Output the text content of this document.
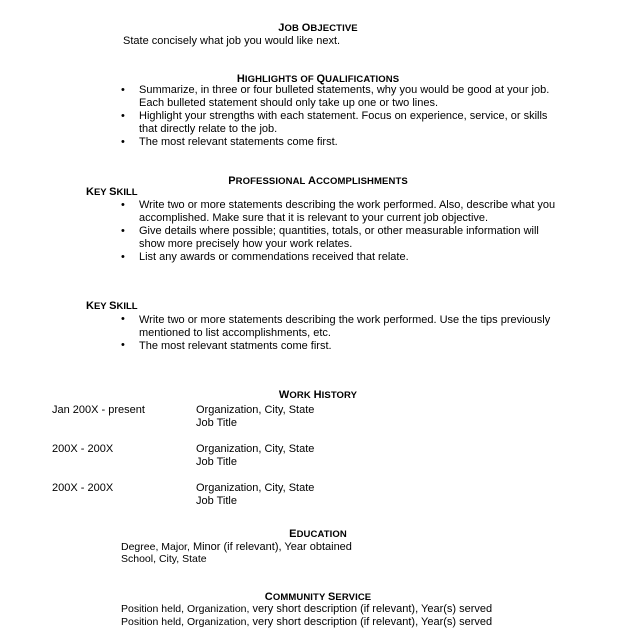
JOB OBJECTIVE
State concisely what job you would like next.
HIGHLIGHTS OF QUALIFICATIONS
•	Summarize, in three or four bulleted statements, why you would be good at your job.
Each bulleted statement should only take up one or two lines.
•	Highlight your strengths with each statement. Focus on experience, service, or skills
that directly relate to the job.
•	The most relevant statements come first.
PROFESSIONAL ACCOMPLISHMENTS
KEY SKILL
•	Write two or more statements describing the work performed. Also, describe what you
accomplished. Make sure that it is relevant to your current job objective.
•	Give details where possible; quantities, totals, or other measurable information will
show more precisely how your work relates.
•	List any awards or commendations received that relate.
KEY SKILL
•	Write two or more statements describing the work performed. Use the tips previously
mentioned to list accomplishments, etc.
•	The most relevant statments come first.
WORK HISTORY
Jan 200X - present	Organization, City, State
Job Title
200X - 200X	Organization, City, State
Job Title
200X - 200X	Organization, City, State
Job Title
EDUCATION
Degree, Major, Minor (if relevant), Year obtained
School, City, State
COMMUNITY SERVICE
Position held, Organization, very short description (if relevant), Year(s) served
Position held, Organization, very short description (if relevant), Year(s) served
